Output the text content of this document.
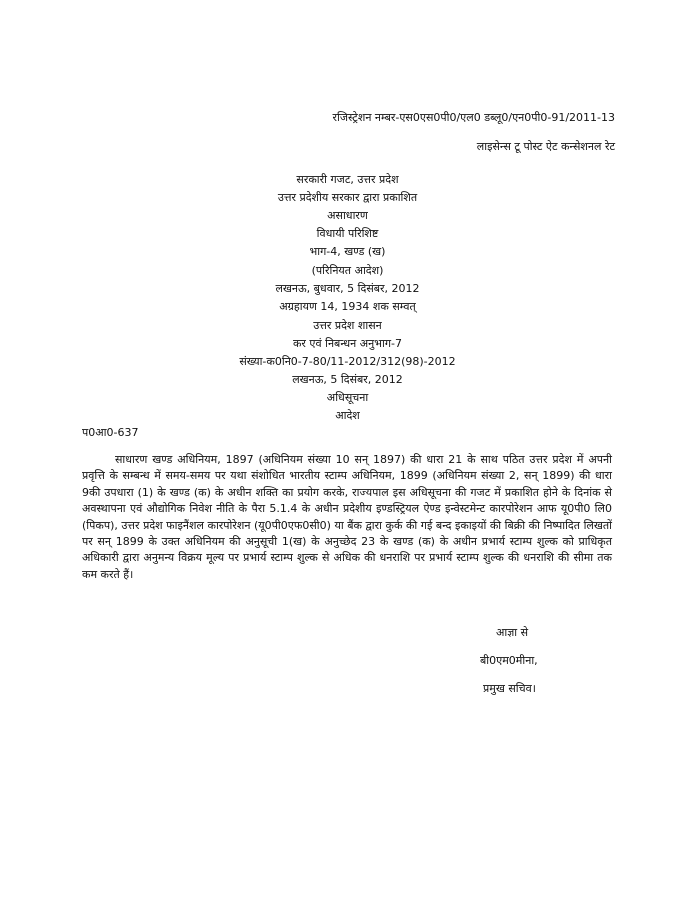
रजिस्ट्रेशन नम्बर-एस0एस0पी0/एल0 डब्लू0/एन0पी0-91/2011-13
लाइसेन्स टू पोस्ट ऐट कन्सेशनल रेट
सरकारी गजट, उत्तर प्रदेश
उत्तर प्रदेशीय सरकार द्वारा प्रकाशित
असाधारण
विधायी परिशिष्ट
भाग-4, खण्ड (ख)
(परिनियत आदेश)
लखनऊ, बुधवार, 5 दिसंबर, 2012
अग्रहायण 14, 1934 शक सम्वत्
उत्तर प्रदेश शासन
कर एवं निबन्धन अनुभाग-7
संख्या-क0नि0-7-80/11-2012/312(98)-2012
लखनऊ, 5 दिसंबर, 2012
अधिसूचना
आदेश
प0आ0-637
साधारण खण्ड अधिनियम, 1897 (अधिनियम संख्या 10 सन् 1897) की धारा 21 के साथ पठित उत्तर प्रदेश में अपनी प्रवृत्ति के सम्बन्ध में समय-समय पर यथा संशोधित भारतीय स्टाम्प अधिनियम, 1899 (अधिनियम संख्या 2, सन् 1899) की धारा 9की उपधारा (1) के खण्ड (क) के अधीन शक्ति का प्रयोग करके, राज्यपाल इस अधिसूचना की गजट में प्रकाशित होने के दिनांक से अवस्थापना एवं औद्योगिक निवेश नीति के पैरा 5.1.4 के अधीन प्रदेशीय इण्डस्ट्रियल ऐण्ड इन्वेस्टमेन्ट कारपोरेशन आफ यू0पी0 लि0 (पिकप), उत्तर प्रदेश फाइनैंशल कारपोरेशन (यू0पी0एफ0सी0) या बैंक द्वारा कुर्क की गई बन्द इकाइयों की बिक्री की निष्पादित लिखतों पर सन् 1899 के उक्त अधिनियम की अनुसूची 1(ख) के अनुच्छेद 23 के खण्ड (क) के अधीन प्रभार्य स्टाम्प शुल्क को प्राधिकृत अधिकारी द्वारा अनुमन्य विक्रय मूल्य पर प्रभार्य स्टाम्प शुल्क से अधिक की धनराशि पर प्रभार्य स्टाम्प शुल्क की धनराशि की सीमा तक कम करते हैं।
आज्ञा से
बी0एम0मीना,
प्रमुख सचिव।
